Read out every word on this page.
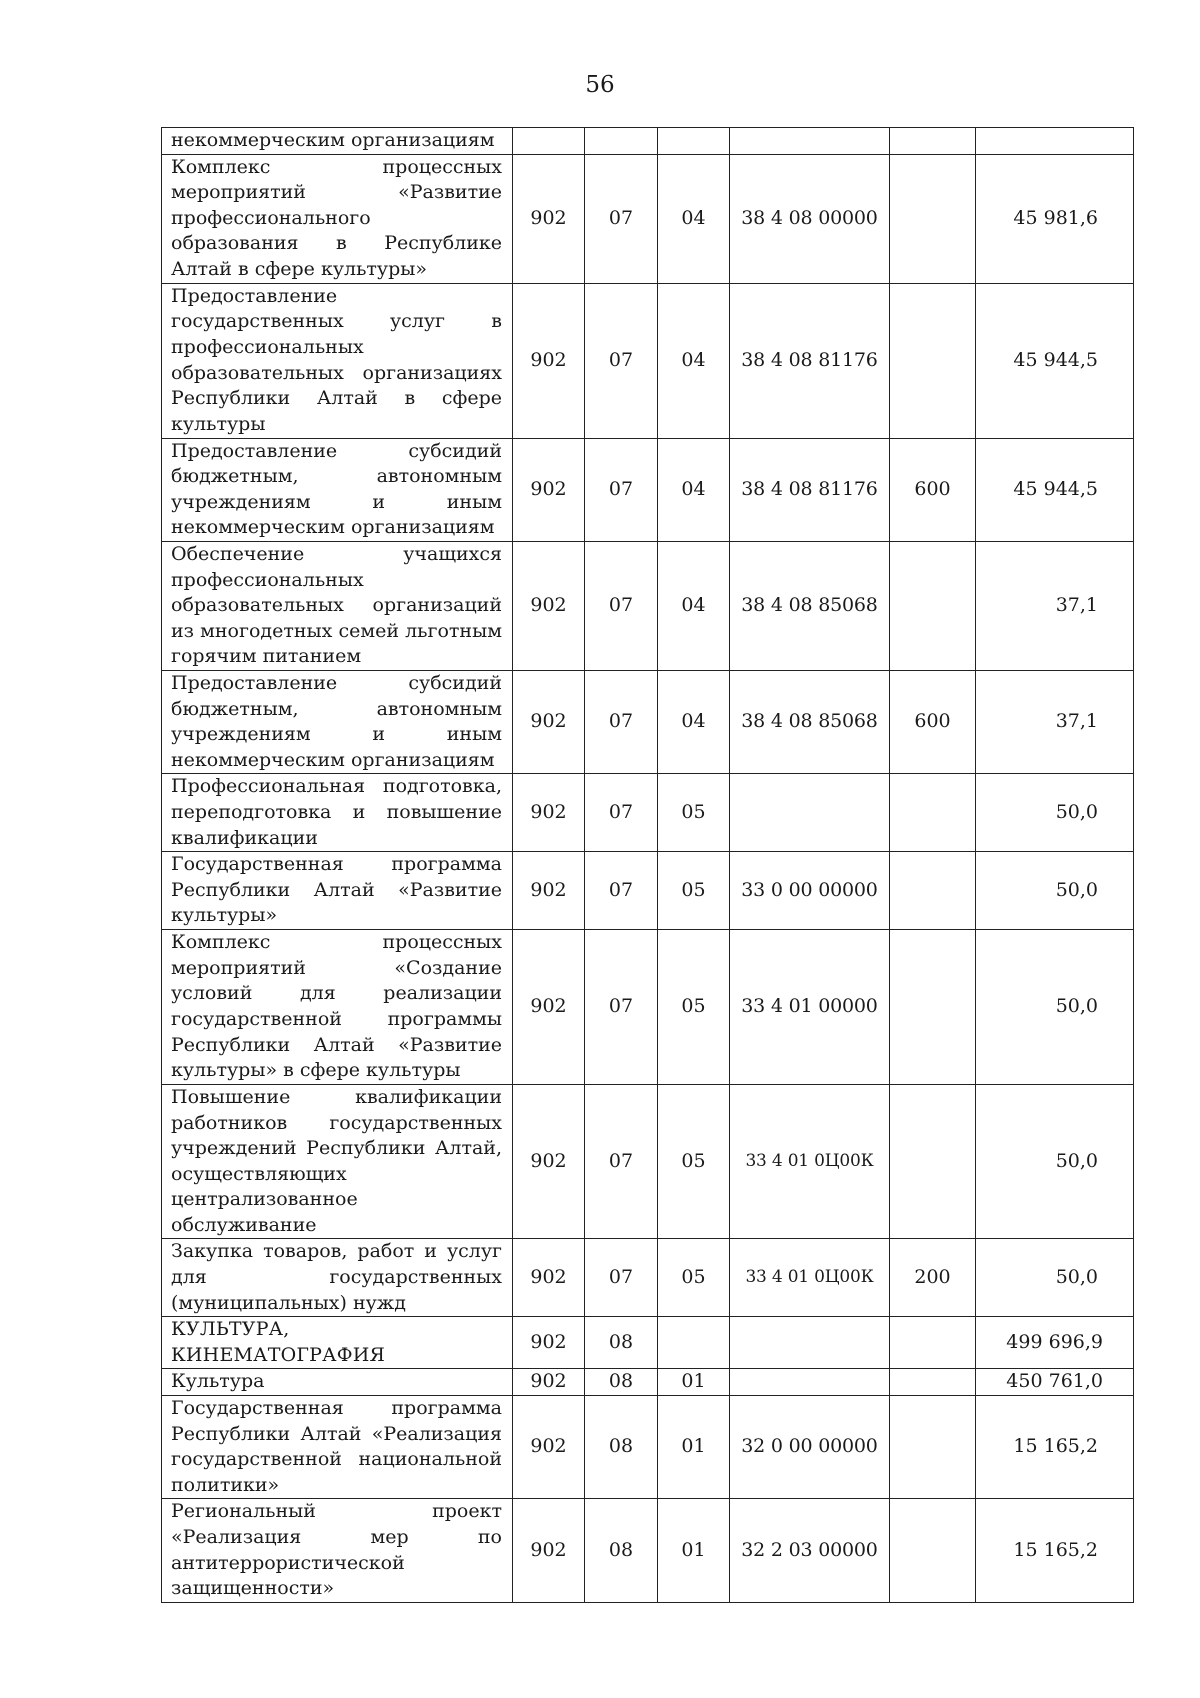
56
некоммерческим организациям						
Комплекс процессных мероприятий «Развитие профессионального образования в Республике Алтай в сфере культуры»	902	07	04	38 4 08 00000		45 981,6
Предоставление государственных услуг в профессиональных образовательных организациях Республики Алтай в сфере культуры	902	07	04	38 4 08 81176		45 944,5
Предоставление субсидий бюджетным, автономным учреждениям и иным некоммерческим организациям	902	07	04	38 4 08 81176	600	45 944,5
Обеспечение учащихся профессиональных образовательных организаций из многодетных семей льготным горячим питанием	902	07	04	38 4 08 85068		37,1
Предоставление субсидий бюджетным, автономным учреждениям и иным некоммерческим организациям	902	07	04	38 4 08 85068	600	37,1
Профессиональная подготовка, переподготовка и повышение квалификации	902	07	05			50,0
Государственная программа Республики Алтай «Развитие культуры»	902	07	05	33 0 00 00000		50,0
Комплекс процессных мероприятий «Создание условий для реализации государственной программы Республики Алтай «Развитие культуры» в сфере культуры	902	07	05	33 4 01 00000		50,0
Повышение квалификации работников государственных учреждений Республики Алтай, осуществляющих централизованное обслуживание	902	07	05	33 4 01 0Ц00К		50,0
Закупка товаров, работ и услуг для государственных (муниципальных) нужд	902	07	05	33 4 01 0Ц00К	200	50,0
КУЛЬТУРА, КИНЕМАТОГРАФИЯ	902	08				499 696,9
Культура	902	08	01			450 761,0
Государственная программа Республики Алтай «Реализация государственной национальной политики»	902	08	01	32 0 00 00000		15 165,2
Региональный проект «Реализация мер по антитеррористической защищенности»	902	08	01	32 2 03 00000		15 165,2
